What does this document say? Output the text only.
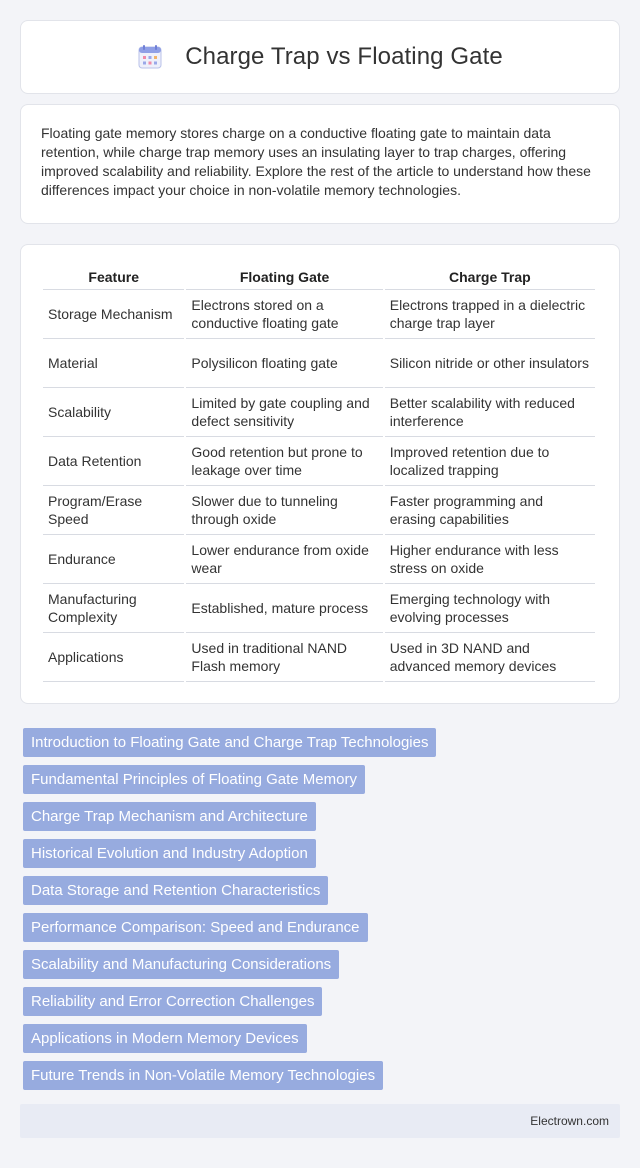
Charge Trap vs Floating Gate

Floating gate memory stores charge on a conductive floating gate to maintain data retention, while charge trap memory uses an insulating layer to trap charges, offering improved scalability and reliability. Explore the rest of the article to understand how these differences impact your choice in non-volatile memory technologies.

Feature	Floating Gate	Charge Trap
Storage Mechanism	Electrons stored on a conductive floating gate	Electrons trapped in a dielectric charge trap layer
Material	Polysilicon floating gate	Silicon nitride or other insulators
Scalability	Limited by gate coupling and defect sensitivity	Better scalability with reduced interference
Data Retention	Good retention but prone to leakage over time	Improved retention due to localized trapping
Program/Erase Speed	Slower due to tunneling through oxide	Faster programming and erasing capabilities
Endurance	Lower endurance from oxide wear	Higher endurance with less stress on oxide
Manufacturing Complexity	Established, mature process	Emerging technology with evolving processes
Applications	Used in traditional NAND Flash memory	Used in 3D NAND and advanced memory devices
Introduction to Floating Gate and Charge Trap Technologies
Fundamental Principles of Floating Gate Memory
Charge Trap Mechanism and Architecture
Historical Evolution and Industry Adoption
Data Storage and Retention Characteristics
Performance Comparison: Speed and Endurance
Scalability and Manufacturing Considerations
Reliability and Error Correction Challenges
Applications in Modern Memory Devices
Future Trends in Non-Volatile Memory Technologies
Electrown.com
